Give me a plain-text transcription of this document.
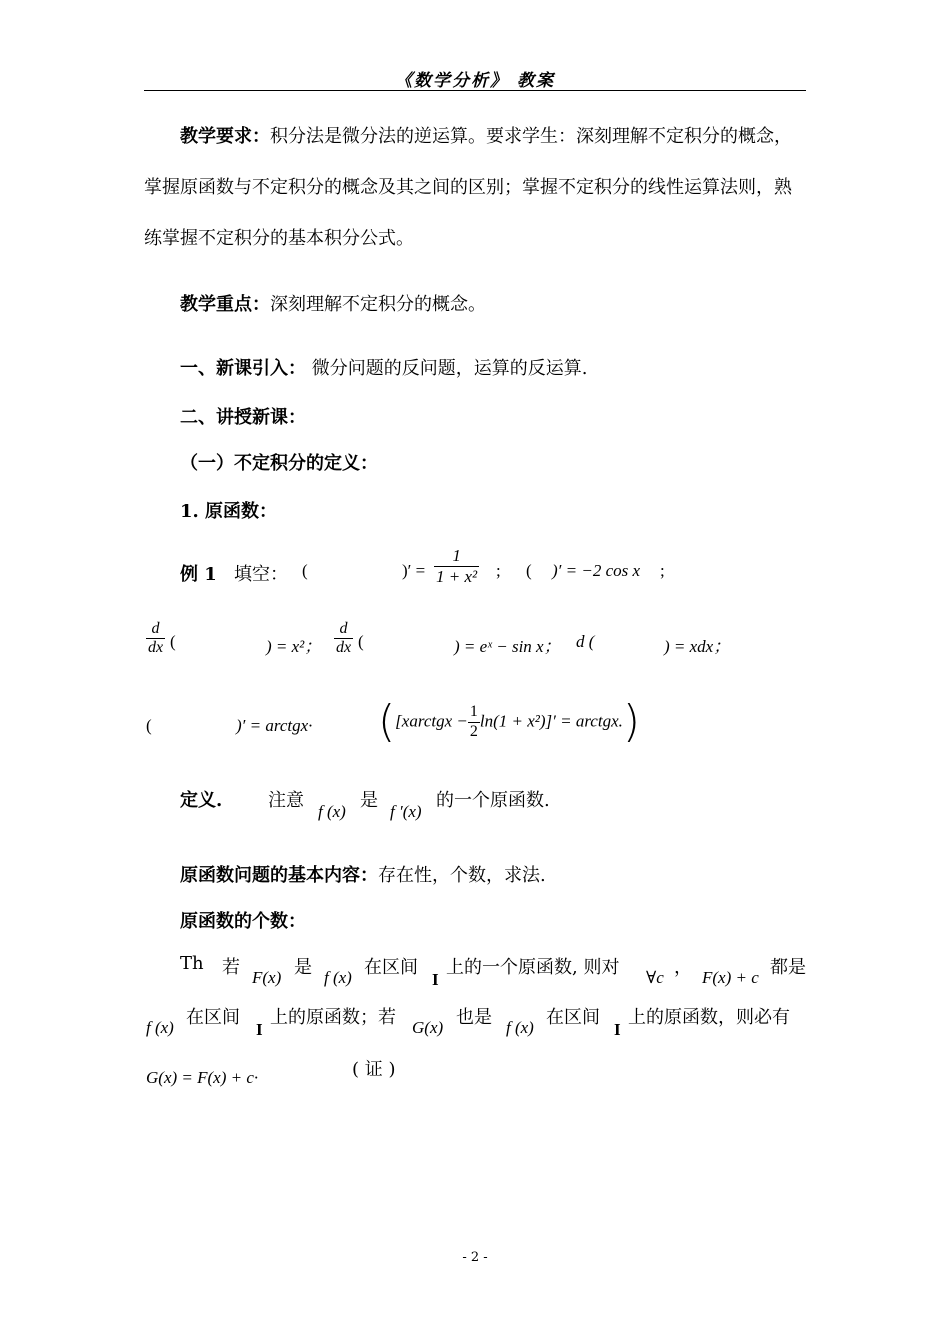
《数学分析》 教案
教学要求：积分法是微分法的逆运算。要求学生：深刻理解不定积分的概念，掌握原函数与不定积分的概念及其之间的区别；掌握不定积分的线性运算法则，熟练掌握不定积分的基本积分公式。
教学重点：深刻理解不定积分的概念。
一、新课引入： 微分问题的反问题，运算的反运算.
二、讲授新课：
（一）不定积分的定义：
1. 原函数：
例 1 填空： (	)′ = $\frac{1}{\text{1 + x²}}$ ; ( )′ = −2 cos x ;
$\frac{d}{dx}$ (	) = x²； $\frac{d}{dx}$ (	) = eˣ − sin x； d (	) = xdx；
(	)′ = arctgx· ([xarctgx − $\frac{1}{2} \ln(1 + x^2)]'$ = arctgx.)
定义.	注意
f (x)
是
f ′(x)
的一个原函数.
原函数问题的基本内容：存在性，个数，求法.
原函数的个数：
Th 若 F(x) 是 f (x) 在区间
I
上的一个原函数, 则对 ∀c ， F(x) + c 都是
f (x) 在区间
I
上的原函数；若 G(x) 也是 f (x) 在区间
I
上的原函数，则必有
G(x) = F(x) + c·	( 证 )
- 2 -
